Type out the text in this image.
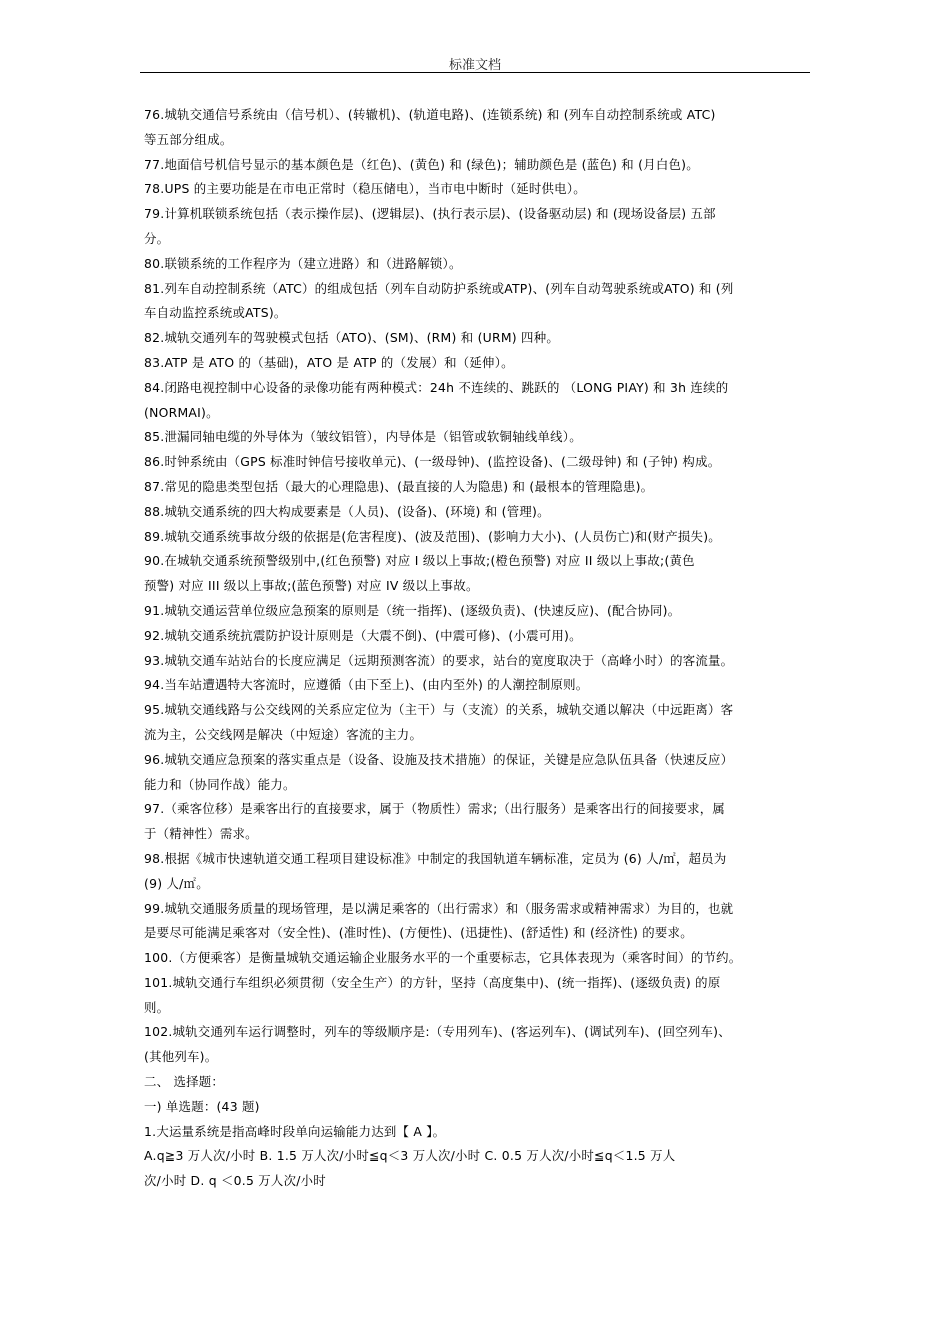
标准文档
76.城轨交通信号系统由（信号机）、(转辙机)、(轨道电路)、(连锁系统) 和 (列车自动控制系统或 ATC)
等五部分组成。
77.地面信号机信号显示的基本颜色是（红色)、(黄色) 和 (绿色)；辅助颜色是 (蓝色) 和 (月白色)。
78.UPS 的主要功能是在市电正常时（稳压储电），当市电中断时（延时供电）。
79.计算机联锁系统包括（表示操作层)、(逻辑层)、(执行表示层)、(设备驱动层) 和 (现场设备层) 五部
分。
80.联锁系统的工作程序为（建立进路）和（进路解锁）。
81.列车自动控制系统（ATC）的组成包括（列车自动防护系统或ATP)、(列车自动驾驶系统或ATO) 和 (列
车自动监控系统或ATS)。
82.城轨交通列车的驾驶模式包括（ATO)、(SM)、(RM) 和 (URM) 四种。
83.ATP 是 ATO 的（基础)，ATO 是 ATP 的（发展）和（延伸）。
84.闭路电视控制中心设备的录像功能有两种模式：24h 不连续的、跳跃的 （LONG PIAY) 和 3h 连续的
(NORMAI)。
85.泄漏同轴电缆的外导体为（皱纹铝管），内导体是（铝管或软铜轴线单线）。
86.时钟系统由（GPS 标准时钟信号接收单元)、(一级母钟)、(监控设备)、(二级母钟) 和 (子钟) 构成。
87.常见的隐患类型包括（最大的心理隐患)、(最直接的人为隐患) 和 (最根本的管理隐患)。
88.城轨交通系统的四大构成要素是（人员)、(设备)、(环境) 和 (管理)。
89.城轨交通系统事故分级的依据是(危害程度)、(波及范围)、(影响力大小)、(人员伤亡)和(财产损失)。
90.在城轨交通系统预警级别中,(红色预警) 对应 I 级以上事故;(橙色预警) 对应 II 级以上事故;(黄色
预警) 对应 III 级以上事故;(蓝色预警) 对应 IV 级以上事故。
91.城轨交通运营单位级应急预案的原则是（统一指挥)、(逐级负责)、(快速反应)、(配合协同)。
92.城轨交通系统抗震防护设计原则是（大震不倒)、(中震可修)、(小震可用)。
93.城轨交通车站站台的长度应满足（远期预测客流）的要求，站台的宽度取决于（高峰小时）的客流量。
94.当车站遭遇特大客流时，应遵循（由下至上)、(由内至外) 的人潮控制原则。
95.城轨交通线路与公交线网的关系应定位为（主干）与（支流）的关系，城轨交通以解决（中远距离）客
流为主，公交线网是解决（中短途）客流的主力。
96.城轨交通应急预案的落实重点是（设备、设施及技术措施）的保证，关键是应急队伍具备（快速反应）
能力和（协同作战）能力。
97.（乘客位移）是乘客出行的直接要求，属于（物质性）需求;（出行服务）是乘客出行的间接要求，属
于（精神性）需求。
98.根据《城市快速轨道交通工程项目建设标准》中制定的我国轨道车辆标准，定员为 (6) 人/㎡，超员为
(9) 人/㎡。
99.城轨交通服务质量的现场管理，是以满足乘客的（出行需求）和（服务需求或精神需求）为目的，也就
是要尽可能满足乘客对（安全性)、(准时性)、(方便性)、(迅捷性)、(舒适性) 和 (经济性) 的要求。
100.（方便乘客）是衡量城轨交通运输企业服务水平的一个重要标志，它具体表现为（乘客时间）的节约。
101.城轨交通行车组织必须贯彻（安全生产）的方针，坚持（高度集中)、(统一指挥)、(逐级负责) 的原
则。
102.城轨交通列车运行调整时，列车的等级顺序是:（专用列车)、(客运列车)、(调试列车)、(回空列车)、
(其他列车)。
二、 选择题：
一) 单选题：(43 题)
1.大运量系统是指高峰时段单向运输能力达到【 A 】。
A.q≧3 万人次/小时 B. 1.5 万人次/小时≦q＜3 万人次/小时 C. 0.5 万人次/小时≦q＜1.5 万人
次/小时 D. q ＜0.5 万人次/小时
